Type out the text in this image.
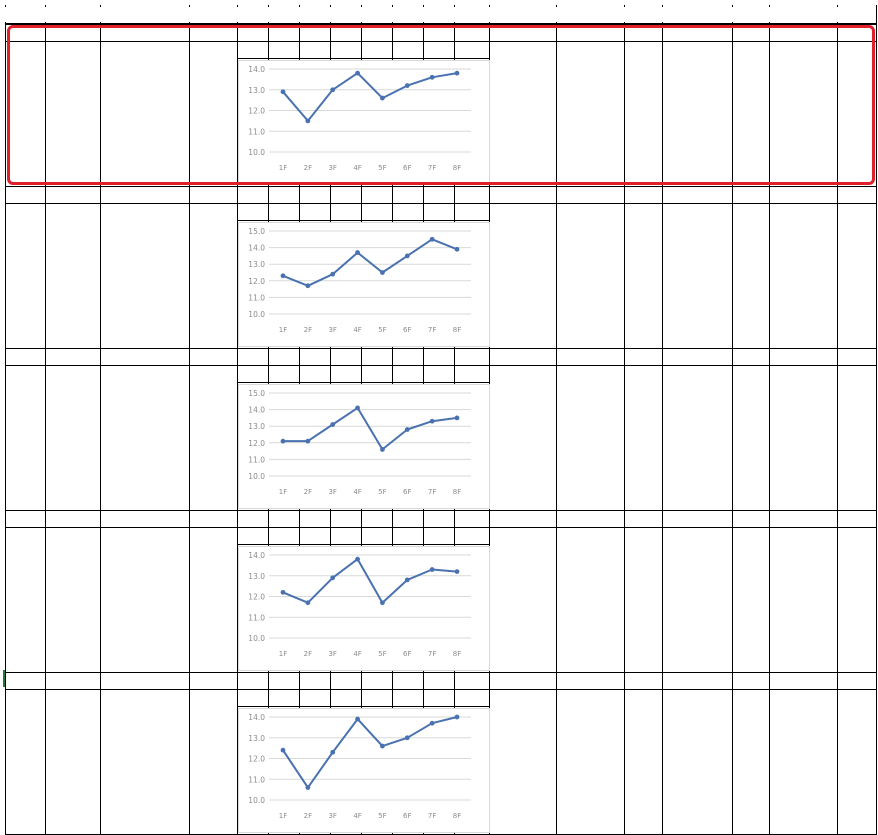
14.0
13.0
12.0
11.0
10.0
1F 2F 3F 4F 5F 6F 7F 8F
15.0
14.0
13.0
12.0
11.0
10.0
1F 2F 3F 4F 5F 6F 7F 8F
15.0
14.0
13.0
12.0
11.0
10.0
1F 2F 3F 4F 5F 6F 7F 8F
14.0
13.0
12.0
11.0
10.0
1F 2F 3F 4F 5F 6F 7F 8F
14.0
13.0
12.0
11.0
10.0
1F 2F 3F 4F 5F 6F 7F 8F
